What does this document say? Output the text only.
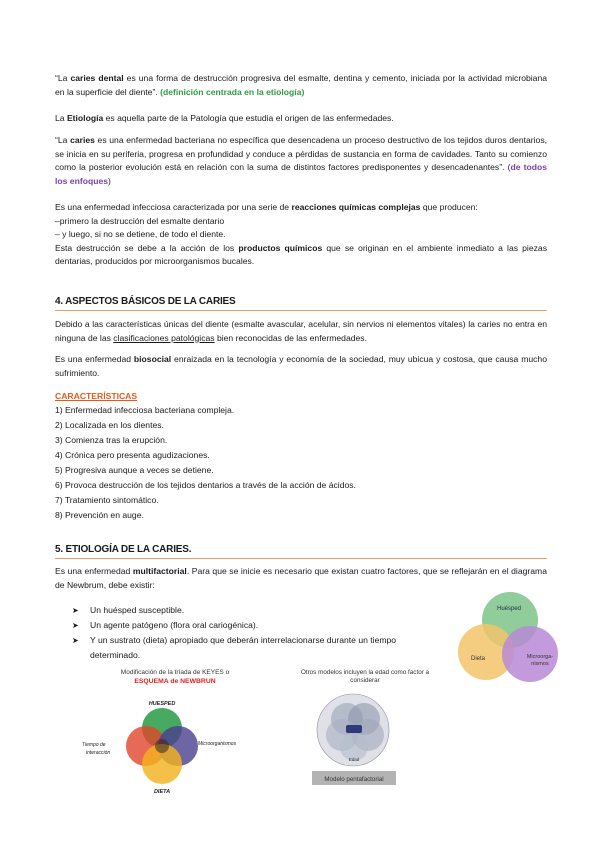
“La caries dental es una forma de destrucción progresiva del esmalte, dentina y cemento, iniciada por la actividad microbiana en la superficie del diente”. (definición centrada en la etiología)
La Etiología es aquella parte de la Patología que estudia el origen de las enfermedades.
“La caries es una enfermedad bacteriana no específica que desencadena un proceso destructivo de los tejidos duros dentarios, se inicia en su periferia, progresa en profundidad y conduce a pérdidas de sustancia en forma de cavidades. Tanto su comienzo como la posterior evolución está en relación con la suma de distintos factores predisponentes y desencadenantes”. (de todos los enfoques)
Es una enfermedad infecciosa caracterizada por una serie de reacciones químicas complejas que producen:
–primero la destrucción del esmalte dentario
– y luego, si no se detiene, de todo el diente.
Esta destrucción se debe a la acción de los productos químicos que se originan en el ambiente inmediato a las piezas dentarias, producidos por microorganismos bucales.
4. ASPECTOS BÁSICOS DE LA CARIES
Debido a las características únicas del diente (esmalte avascular, acelular, sin nervios ni elementos vitales) la caries no entra en ninguna de las clasificaciones patológicas bien reconocidas de las enfermedades.
Es una enfermedad biosocial enraizada en la tecnología y economía de la sociedad, muy ubicua y costosa, que causa mucho sufrimiento.
CARACTERÍSTICAS
1) Enfermedad infecciosa bacteriana compleja.
2) Localizada en los dientes.
3) Comienza tras la erupción.
4) Crónica pero presenta agudizaciones.
5) Progresiva aunque a veces se detiene.
6) Provoca destrucción de los tejidos dentarios a través de la acción de ácidos.
7) Tratamiento sintomático.
8) Prevención en auge.
5. ETIOLOGÍA DE LA CARIES.
Es una enfermedad multifactorial. Para que se inicie es necesario que existan cuatro factores, que se reflejarán en el diagrama de Newbrum, debe existir:
➤	Un huésped susceptible.
➤	Un agente patógeno (flora oral cariogénica).
➤	Y un sustrato (dieta) apropiado que deberán interrelacionarse durante un tiempo determinado.
Huésped
Dieta	Microorga-
nismos
Modificación de la tríada de KEYES o
ESQUEMA de NEWBRUN
HUESPED
Tiempo de
interacción
Microorganismos
DIETA
Otros modelos incluyen la edad como factor a
considerar
Edad
Modelo pentafactorial
